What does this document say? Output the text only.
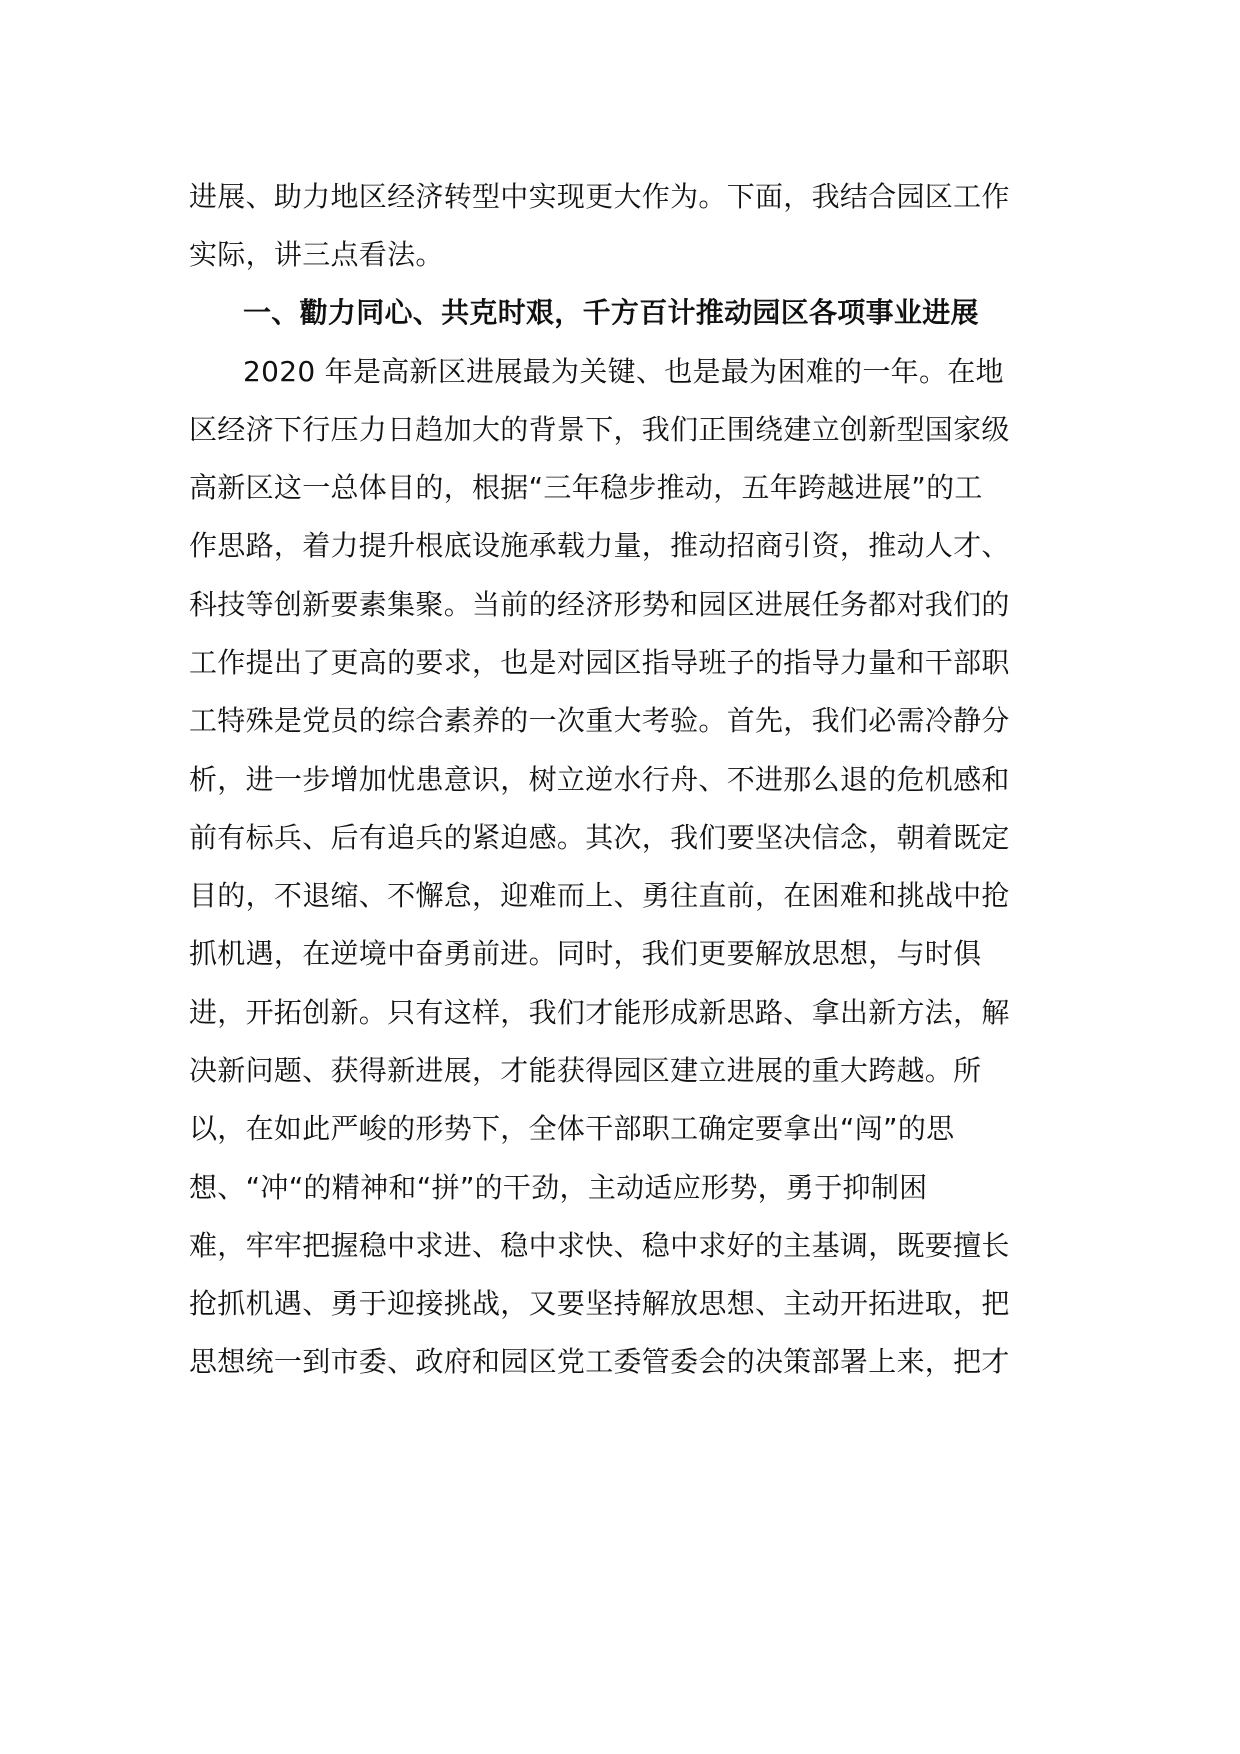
进展、助力地区经济转型中实现更大作为。下面，我结合园区工作
实际，讲三点看法。
一、勸力同心、共克时艰，千方百计推动园区各项事业进展
2020 年是高新区进展最为关键、也是最为困难的一年。在地
区经济下行压力日趋加大的背景下，我们正围绕建立创新型国家级
高新区这一总体目的，根据“三年稳步推动，五年跨越进展”的工
作思路，着力提升根底设施承载力量，推动招商引资，推动人才、
科技等创新要素集聚。当前的经济形势和园区进展任务都对我们的
工作提出了更高的要求，也是对园区指导班子的指导力量和干部职
工特殊是党员的综合素养的一次重大考验。首先，我们必需冷静分
析，进一步增加忧患意识，树立逆水行舟、不进那么退的危机感和
前有标兵、后有追兵的紧迫感。其次，我们要坚决信念，朝着既定
目的，不退缩、不懈怠，迎难而上、勇往直前，在困难和挑战中抢
抓机遇，在逆境中奋勇前进。同时，我们更要解放思想，与时俱
进，开拓创新。只有这样，我们才能形成新思路、拿出新方法，解
决新问题、获得新进展，才能获得园区建立进展的重大跨越。所
以，在如此严峻的形势下，全体干部职工确定要拿出“闯”的思
想、“冲“的精神和“拼”的干劲，主动适应形势，勇于抑制困
难，牢牢把握稳中求进、稳中求快、稳中求好的主基调，既要擅长
抢抓机遇、勇于迎接挑战，又要坚持解放思想、主动开拓进取，把
思想统一到市委、政府和园区党工委管委会的决策部署上来，把才
